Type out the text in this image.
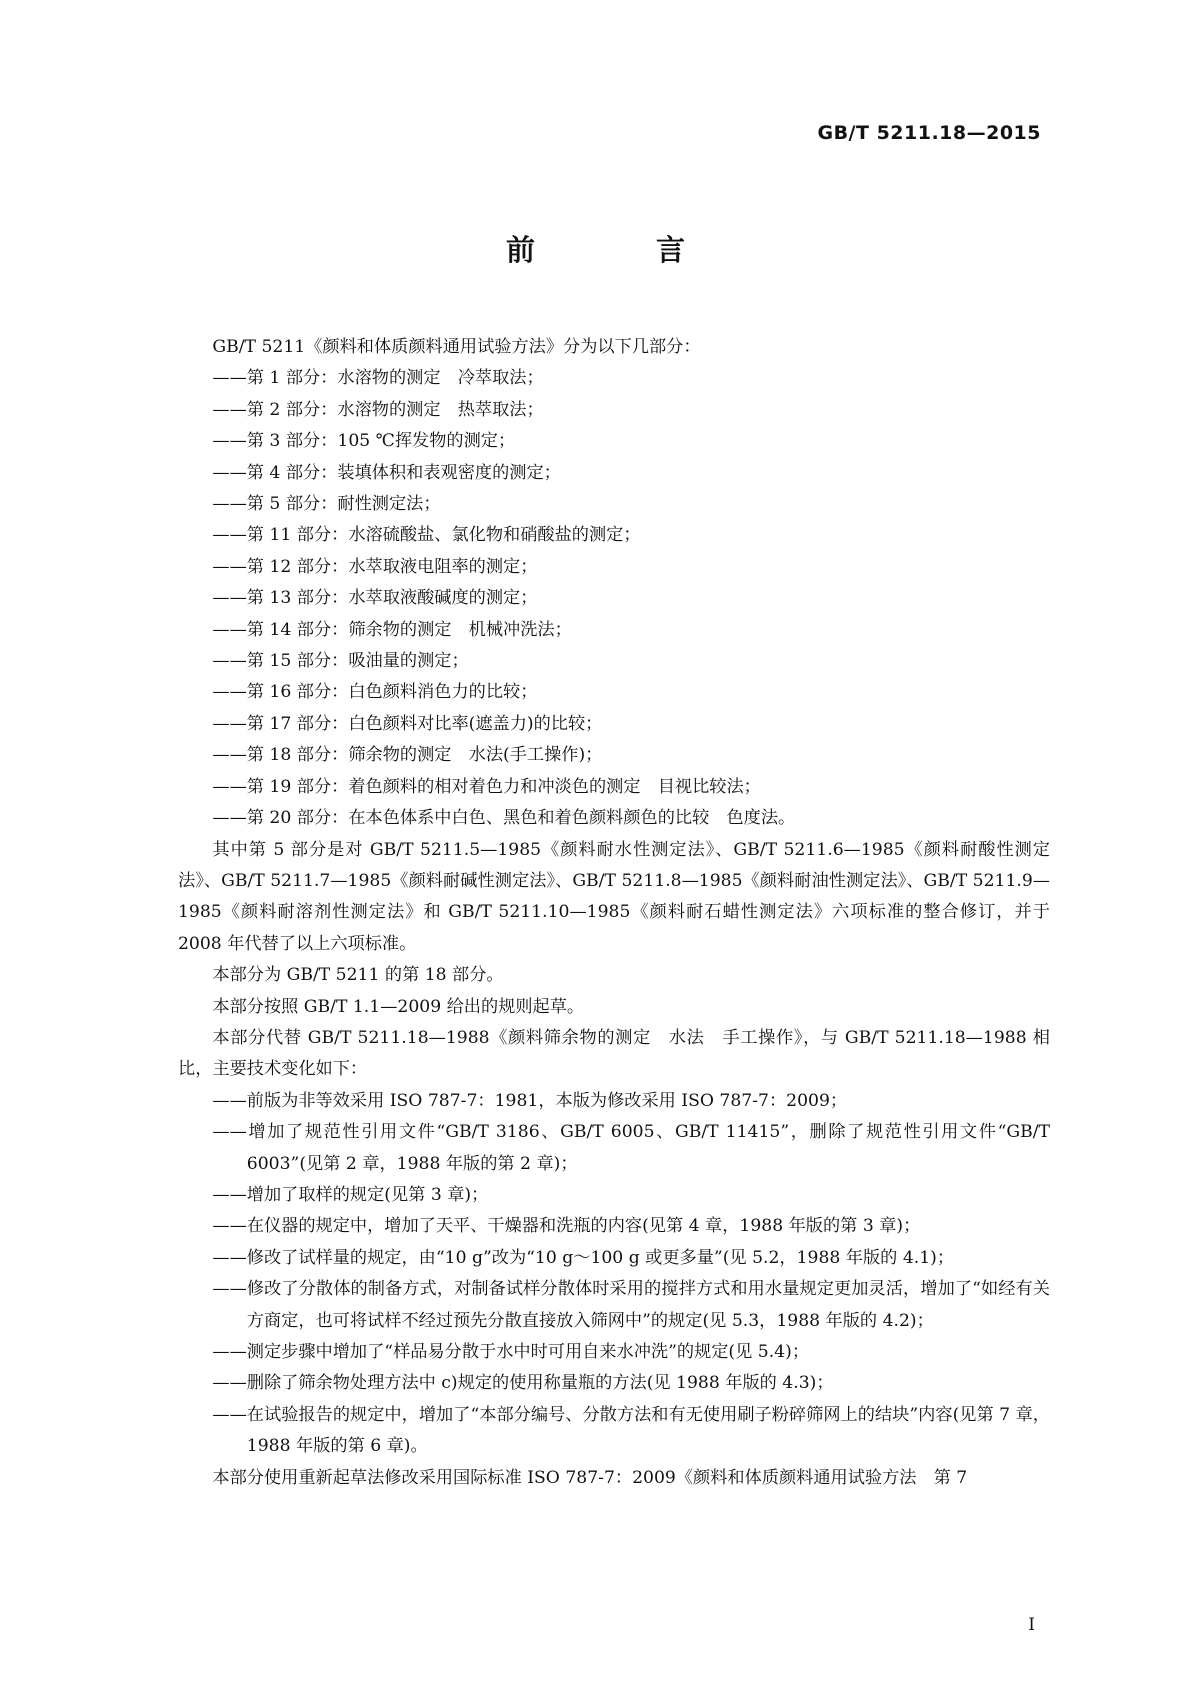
GB/T 5211.18—2015
前　言

GB/T 5211《颜料和体质颜料通用试验方法》分为以下几部分：

——第 1 部分：水溶物的测定　冷萃取法；

——第 2 部分：水溶物的测定　热萃取法；

——第 3 部分：105 ℃挥发物的测定；

——第 4 部分：装填体积和表观密度的测定；

——第 5 部分：耐性测定法；

——第 11 部分：水溶硫酸盐、氯化物和硝酸盐的测定；

——第 12 部分：水萃取液电阻率的测定；

——第 13 部分：水萃取液酸碱度的测定；

——第 14 部分：筛余物的测定　机械冲洗法；

——第 15 部分：吸油量的测定；

——第 16 部分：白色颜料消色力的比较；

——第 17 部分：白色颜料对比率(遮盖力)的比较；

——第 18 部分：筛余物的测定　水法(手工操作)；

——第 19 部分：着色颜料的相对着色力和冲淡色的测定　目视比较法；

——第 20 部分：在本色体系中白色、黑色和着色颜料颜色的比较　色度法。

其中第 5 部分是对 GB/T 5211.5—1985《颜料耐水性测定法》、GB/T 5211.6—1985《颜料耐酸性测定法》、GB/T 5211.7—1985《颜料耐碱性测定法》、GB/T 5211.8—1985《颜料耐油性测定法》、GB/T 5211.9—1985《颜料耐溶剂性测定法》和 GB/T 5211.10—1985《颜料耐石蜡性测定法》六项标准的整合修订，并于 2008 年代替了以上六项标准。

本部分为 GB/T 5211 的第 18 部分。

本部分按照 GB/T 1.1—2009 给出的规则起草。

本部分代替 GB/T 5211.18—1988《颜料筛余物的测定　水法　手工操作》，与 GB/T 5211.18—1988 相比，主要技术变化如下：

——前版为非等效采用 ISO 787-7：1981，本版为修改采用 ISO 787-7：2009；

——增加了规范性引用文件“GB/T 3186、GB/T 6005、GB/T 11415”，删除了规范性引用文件“GB/T 6003”(见第 2 章，1988 年版的第 2 章)；

——增加了取样的规定(见第 3 章)；

——在仪器的规定中，增加了天平、干燥器和洗瓶的内容(见第 4 章，1988 年版的第 3 章)；

——修改了试样量的规定，由“10 g”改为“10 g～100 g 或更多量”(见 5.2，1988 年版的 4.1)；

——修改了分散体的制备方式，对制备试样分散体时采用的搅拌方式和用水量规定更加灵活，增加了“如经有关方商定，也可将试样不经过预先分散直接放入筛网中”的规定(见 5.3，1988 年版的 4.2)；

——测定步骤中增加了“样品易分散于水中时可用自来水冲洗”的规定(见 5.4)；

——删除了筛余物处理方法中 c)规定的使用称量瓶的方法(见 1988 年版的 4.3)；

——在试验报告的规定中，增加了“本部分编号、分散方法和有无使用刷子粉碎筛网上的结块”内容(见第 7 章，1988 年版的第 6 章)。

本部分使用重新起草法修改采用国际标准 ISO 787-7：2009《颜料和体质颜料通用试验方法　第 7

I
